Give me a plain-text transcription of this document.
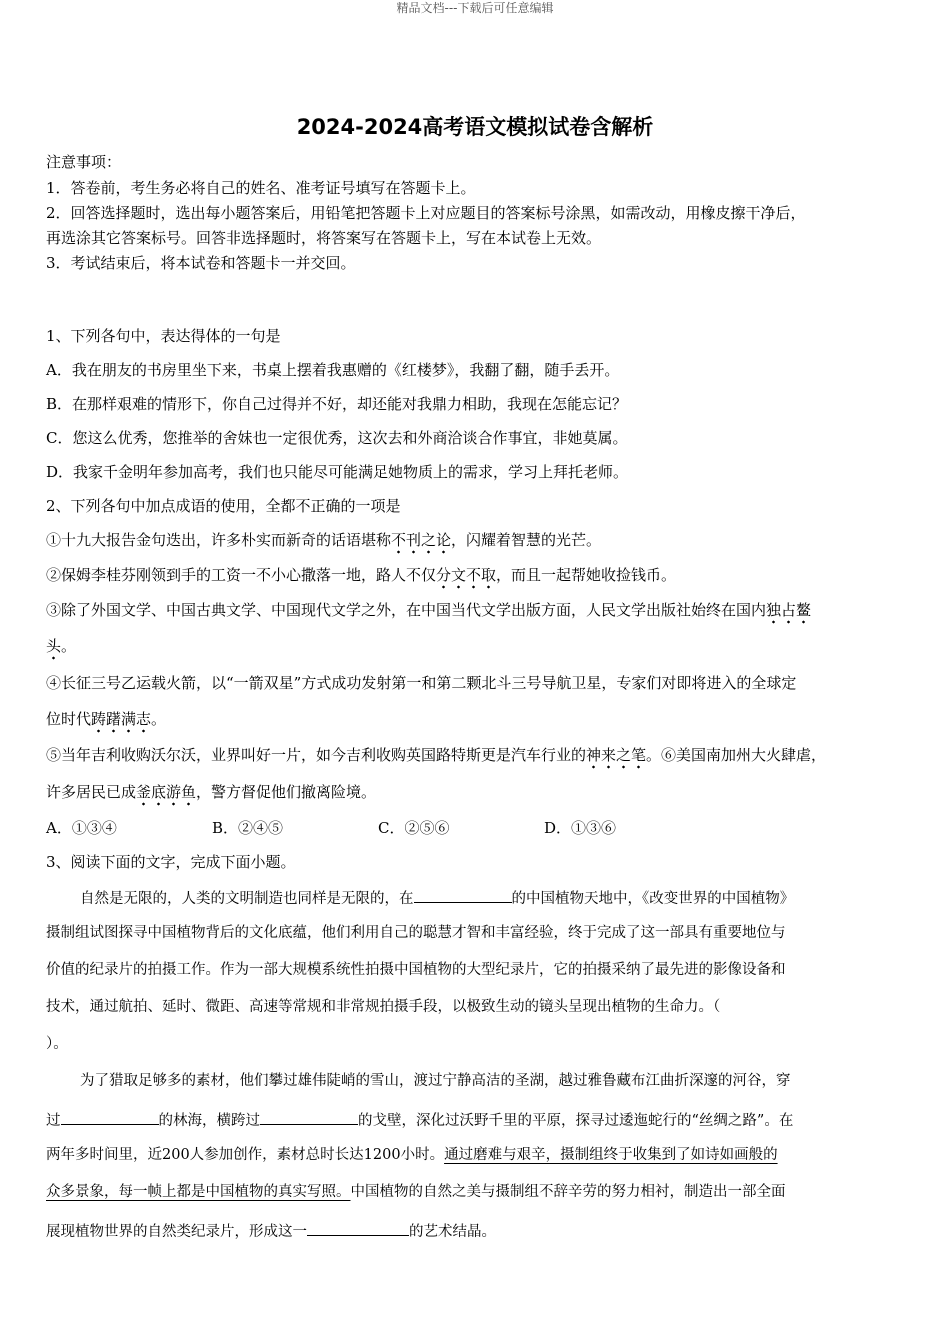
精品文档---下载后可任意编辑
2024-2024高考语文模拟试卷含解析
注意事项：
1．答卷前，考生务必将自己的姓名、准考证号填写在答题卡上。
2．回答选择题时，选出每小题答案后，用铅笔把答题卡上对应题目的答案标号涂黑，如需改动，用橡皮擦干净后，
再选涂其它答案标号。回答非选择题时，将答案写在答题卡上，写在本试卷上无效。
3．考试结束后，将本试卷和答题卡一并交回。
1、下列各句中，表达得体的一句是
A．我在朋友的书房里坐下来，书桌上摆着我惠赠的《红楼梦》，我翻了翻，随手丢开。
B．在那样艰难的情形下，你自己过得并不好，却还能对我鼎力相助，我现在怎能忘记？
C．您这么优秀，您推举的舍妹也一定很优秀，这次去和外商洽谈合作事宜，非她莫属。
D．我家千金明年参加高考，我们也只能尽可能满足她物质上的需求，学习上拜托老师。
2、下列各句中加点成语的使用，全都不正确的一项是
①十九大报告金句迭出，许多朴实而新奇的话语堪称不刊之论，闪耀着智慧的光芒。
②保姆李桂芬刚领到手的工资一不小心撒落一地，路人不仅分文不取，而且一起帮她收捡钱币。
③除了外国文学、中国古典文学、中国现代文学之外，在中国当代文学出版方面，人民文学出版社始终在国内独占鳌
头。
④长征三号乙运载火箭，以“一箭双星”方式成功发射第一和第二颗北斗三号导航卫星，专家们对即将进入的全球定
位时代踌躇满志。
⑤当年吉利收购沃尔沃，业界叫好一片，如今吉利收购英国路特斯更是汽车行业的神来之笔。⑥美国南加州大火肆虐，
许多居民已成釜底游鱼，警方督促他们撤离险境。
A．①③④	B．②④⑤	C．②⑤⑥	D．①③⑥
3、阅读下面的文字，完成下面小题。
自然是无限的，人类的文明制造也同样是无限的，在	的中国植物天地中，《改变世界的中国植物》
摄制组试图探寻中国植物背后的文化底蕴，他们利用自己的聪慧才智和丰富经验，终于完成了这一部具有重要地位与
价值的纪录片的拍摄工作。作为一部大规模系统性拍摄中国植物的大型纪录片，它的拍摄采纳了最先进的影像设备和
技术，通过航拍、延时、微距、高速等常规和非常规拍摄手段，以极致生动的镜头呈现出植物的生命力。（
）。
为了猎取足够多的素材，他们攀过雄伟陡峭的雪山，渡过宁静高洁的圣湖，越过雅鲁藏布江曲折深邃的河谷，穿
过	的林海，横跨过	的戈壁，深化过沃野千里的平原，探寻过逶迤蛇行的“丝绸之路”。在
两年多时间里，近200人参加创作，素材总时长达1200小时。通过磨难与艰辛，摄制组终于收集到了如诗如画般的
众多景象，每一帧上都是中国植物的真实写照。中国植物的自然之美与摄制组不辞辛劳的努力相衬，制造出一部全面
展现植物世界的自然类纪录片，形成这一	的艺术结晶。
